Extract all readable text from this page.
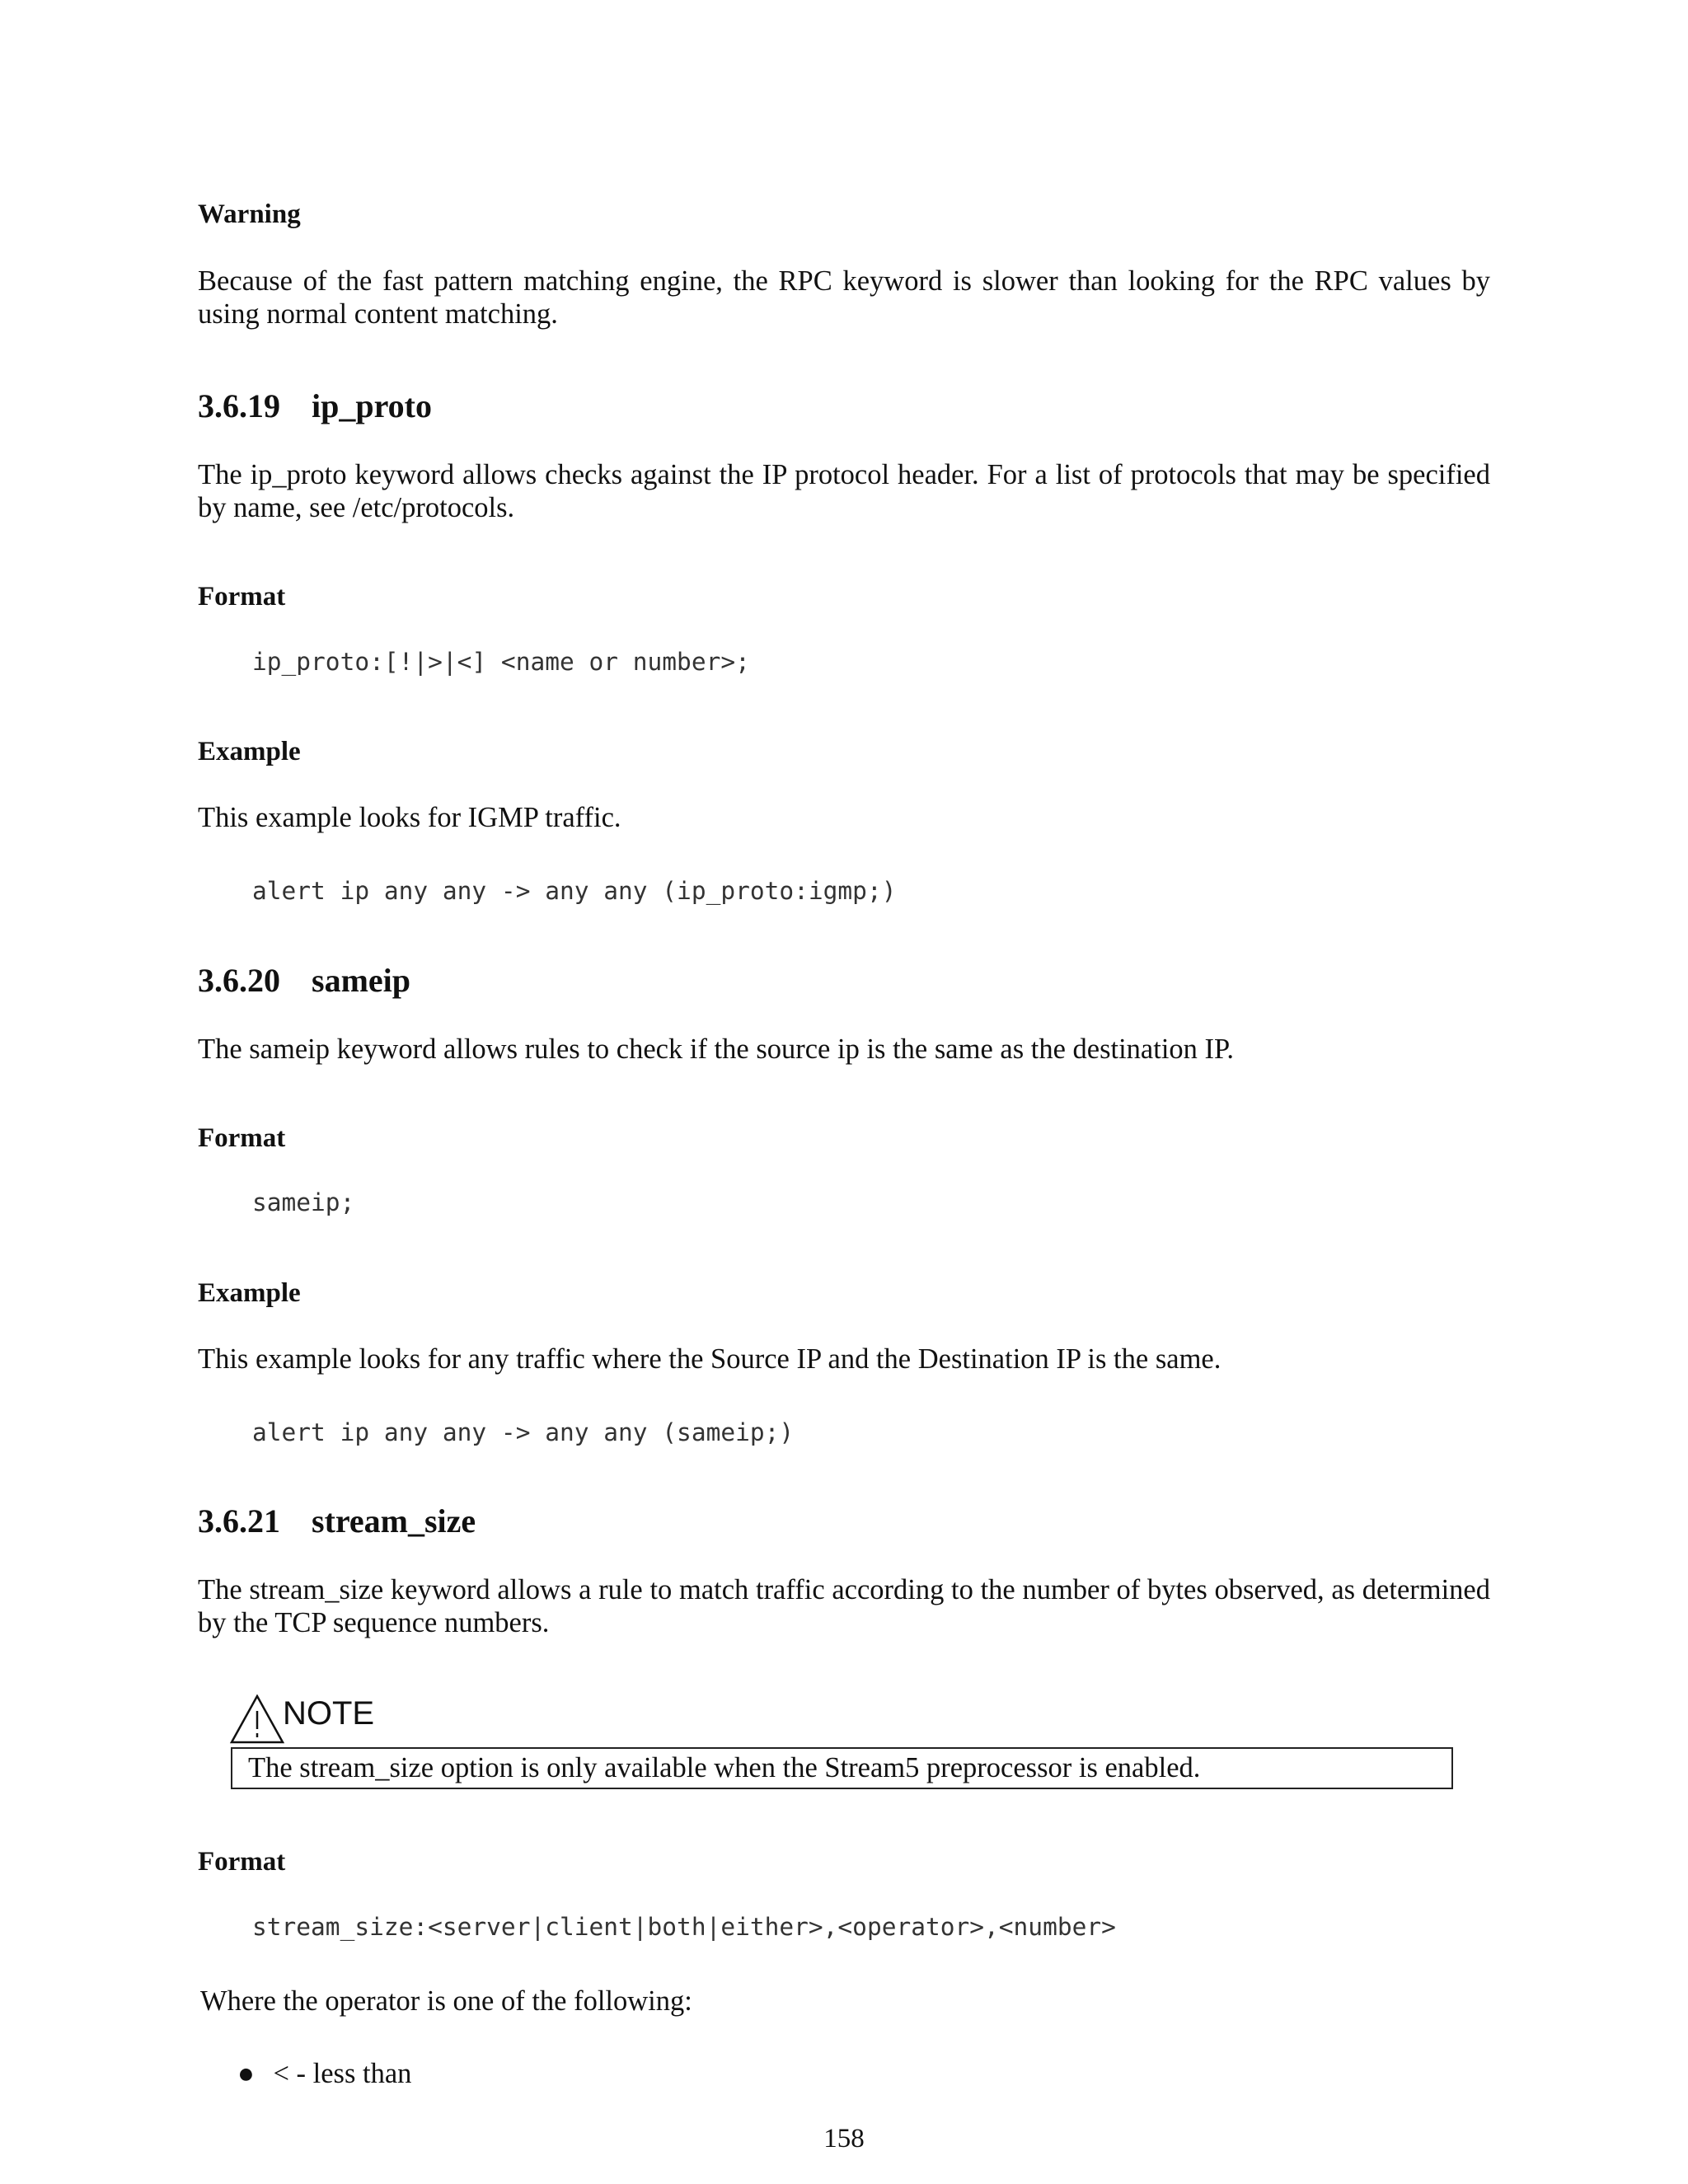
Warning

Because of the fast pattern matching engine, the RPC keyword is slower than looking for the RPC values by using normal content matching.

3.6.19 ip_proto

The ip_proto keyword allows checks against the IP protocol header. For a list of protocols that may be specified by name, see /etc/protocols.

Format

ip_proto:[!|>|<] <name or number>;

Example

This example looks for IGMP traffic.

alert ip any any -> any any (ip_proto:igmp;)

3.6.20 sameip

The sameip keyword allows rules to check if the source ip is the same as the destination IP.

Format

sameip;

Example

This example looks for any traffic where the Source IP and the Destination IP is the same.

alert ip any any -> any any (sameip;)

3.6.21 stream_size

The stream_size keyword allows a rule to match traffic according to the number of bytes observed, as determined by the TCP sequence numbers.

NOTE
The stream_size option is only available when the Stream5 preprocessor is enabled.

Format

stream_size:<server|client|both|either>,<operator>,<number>

Where the operator is one of the following:

● < - less than

158
